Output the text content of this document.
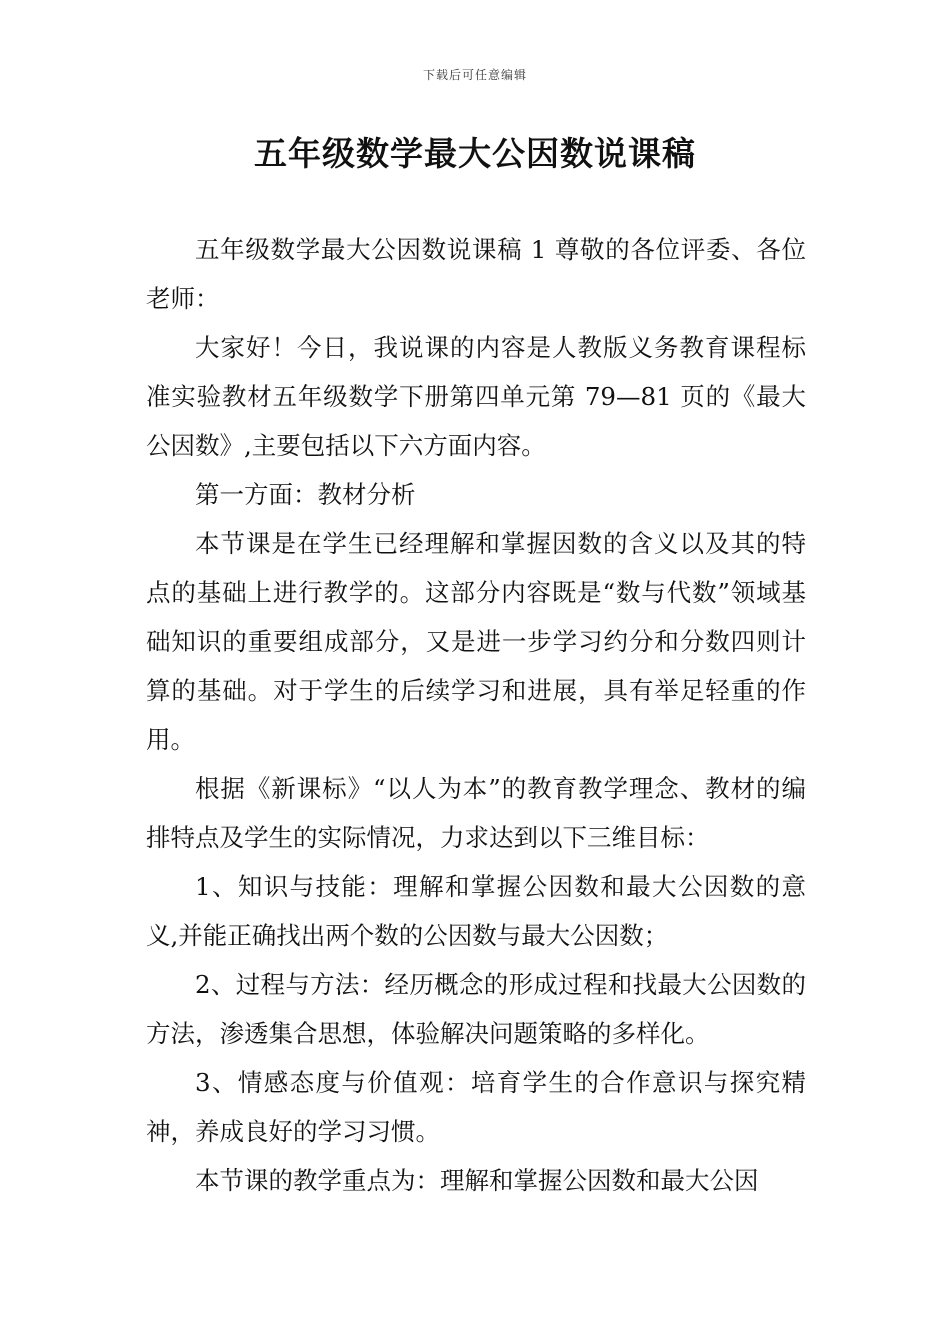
下载后可任意编辑
五年级数学最大公因数说课稿

五年级数学最大公因数说课稿 1 尊敬的各位评委、各位老师：

大家好！今日，我说课的内容是人教版义务教育课程标准实验教材五年级数学下册第四单元第 79—81 页的《最大公因数》,主要包括以下六方面内容。

第一方面：教材分析

本节课是在学生已经理解和掌握因数的含义以及其的特点的基础上进行教学的。这部分内容既是“数与代数”领域基础知识的重要组成部分，又是进一步学习约分和分数四则计算的基础。对于学生的后续学习和进展，具有举足轻重的作用。

根据《新课标》“以人为本”的教育教学理念、教材的编排特点及学生的实际情况，力求达到以下三维目标：

1、知识与技能：理解和掌握公因数和最大公因数的意义,并能正确找出两个数的公因数与最大公因数；

2、过程与方法：经历概念的形成过程和找最大公因数的方法，渗透集合思想，体验解决问题策略的多样化。

3、情感态度与价值观：培育学生的合作意识与探究精神，养成良好的学习习惯。

本节课的教学重点为：理解和掌握公因数和最大公因
